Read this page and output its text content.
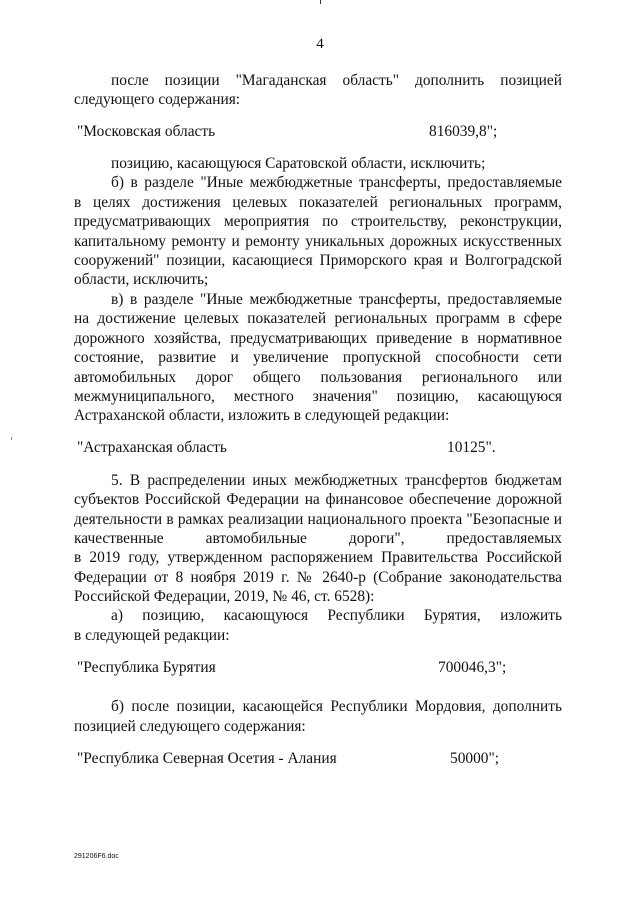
4
после позиции "Магаданская область" дополнить позицией
следующего содержания:
"Московская область	816039,8";
позицию, касающуюся Саратовской области, исключить;
б) в разделе "Иные межбюджетные трансферты, предоставляемые
в целях достижения целевых показателей региональных программ,
предусматривающих мероприятия по строительству, реконструкции,
капитальному ремонту и ремонту уникальных дорожных искусственных
сооружений" позиции, касающиеся Приморского края и Волгоградской
области, исключить;
в) в разделе "Иные межбюджетные трансферты, предоставляемые
на достижение целевых показателей региональных программ в сфере
дорожного хозяйства, предусматривающих приведение в нормативное
состояние, развитие и увеличение пропускной способности сети
автомобильных дорог общего пользования регионального или
межмуниципального, местного значения" позицию, касающуюся
Астраханской области, изложить в следующей редакции:
"Астраханская область	10125".
5. В распределении иных межбюджетных трансфертов бюджетам
субъектов Российской Федерации на финансовое обеспечение дорожной
деятельности в рамках реализации национального проекта "Безопасные и
качественные автомобильные дороги", предоставляемых
в 2019 году, утвержденном распоряжением Правительства Российской
Федерации от 8 ноября 2019 г. № 2640-р (Собрание законодательства
Российской Федерации, 2019, № 46, ст. 6528):
а) позицию, касающуюся Республики Бурятия, изложить
в следующей редакции:
"Республика Бурятия	700046,3";
б) после позиции, касающейся Республики Мордовия, дополнить
позицией следующего содержания:
"Республика Северная Осетия - Алания	50000";
291206F6.doc
